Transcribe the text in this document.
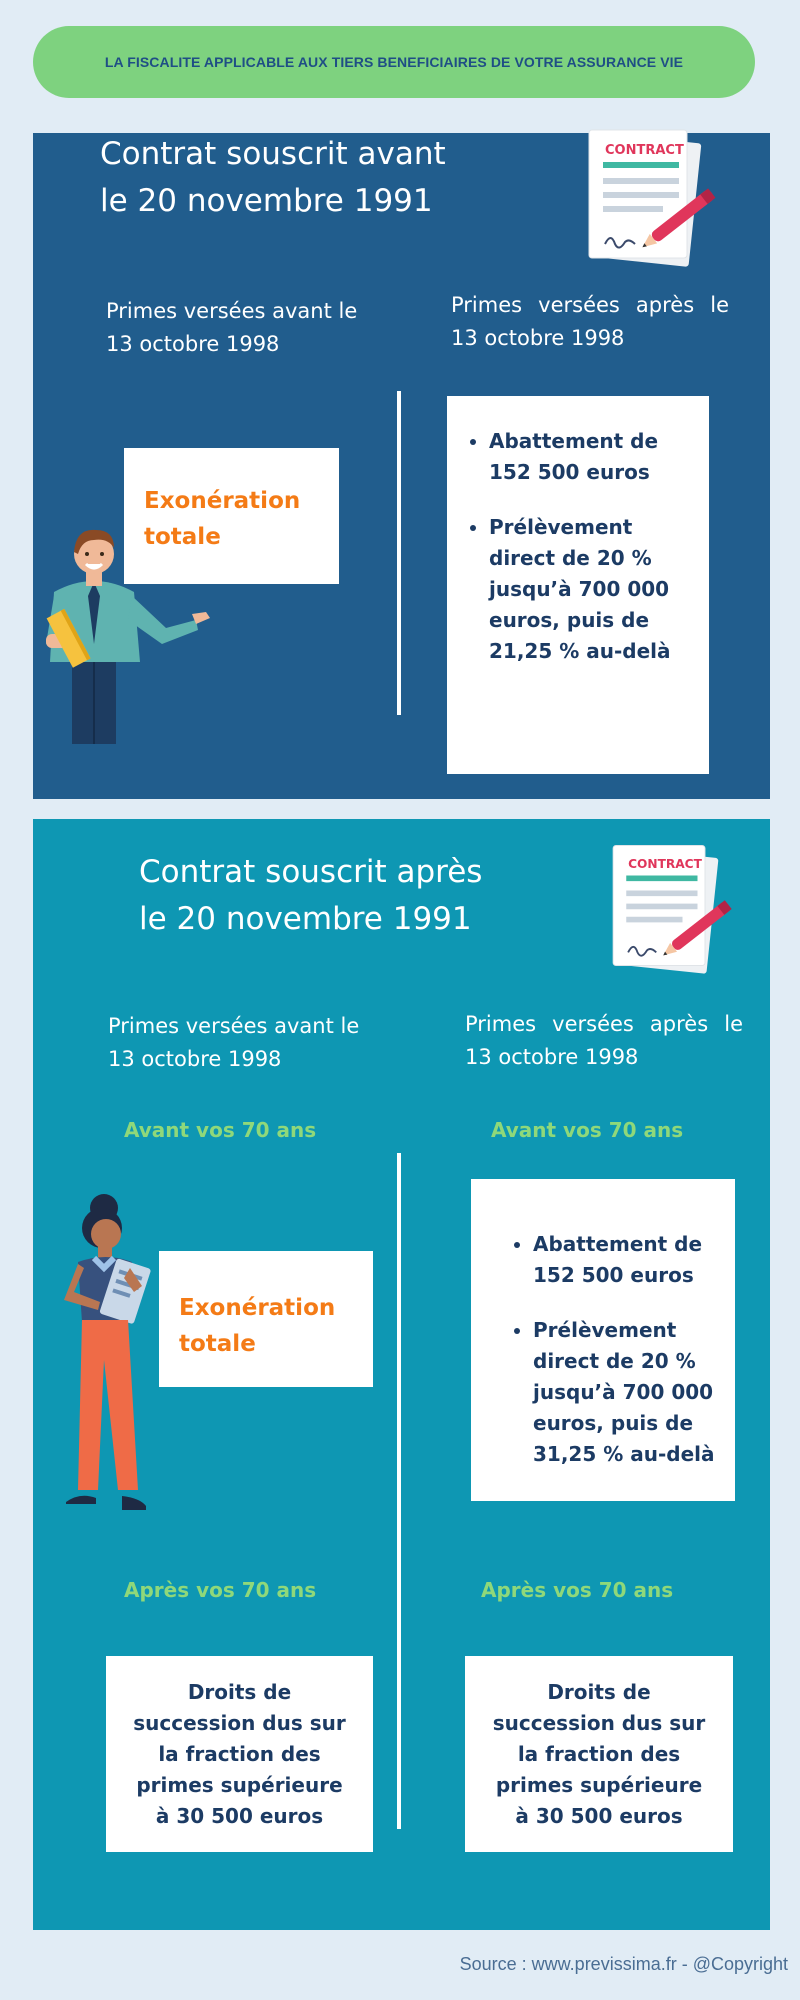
LA FISCALITE APPLICABLE AUX TIERS BENEFICIAIRES DE VOTRE ASSURANCE VIE
Contrat souscrit avant
le 20 novembre 1991
CONTRACT
Primes versées avant le
13 octobre 1998
Primes versées après le
13 octobre 1998
Exonération
totale
• Abattement de 152 500 euros
• Prélèvement direct de 20 % jusqu’à 700 000 euros, puis de 21,25 % au-delà
Contrat souscrit après
le 20 novembre 1991
CONTRACT
Primes versées avant le
13 octobre 1998
Primes versées après le
13 octobre 1998
Avant vos 70 ans	Avant vos 70 ans
Exonération
totale
• Abattement de 152 500 euros
• Prélèvement direct de 20 % jusqu’à 700 000 euros, puis de 31,25 % au-delà
Après vos 70 ans	Après vos 70 ans
Droits de succession dus sur la fraction des primes supérieure à 30 500 euros
Droits de succession dus sur la fraction des primes supérieure à 30 500 euros
Source : www.previssima.fr - @Copyright
